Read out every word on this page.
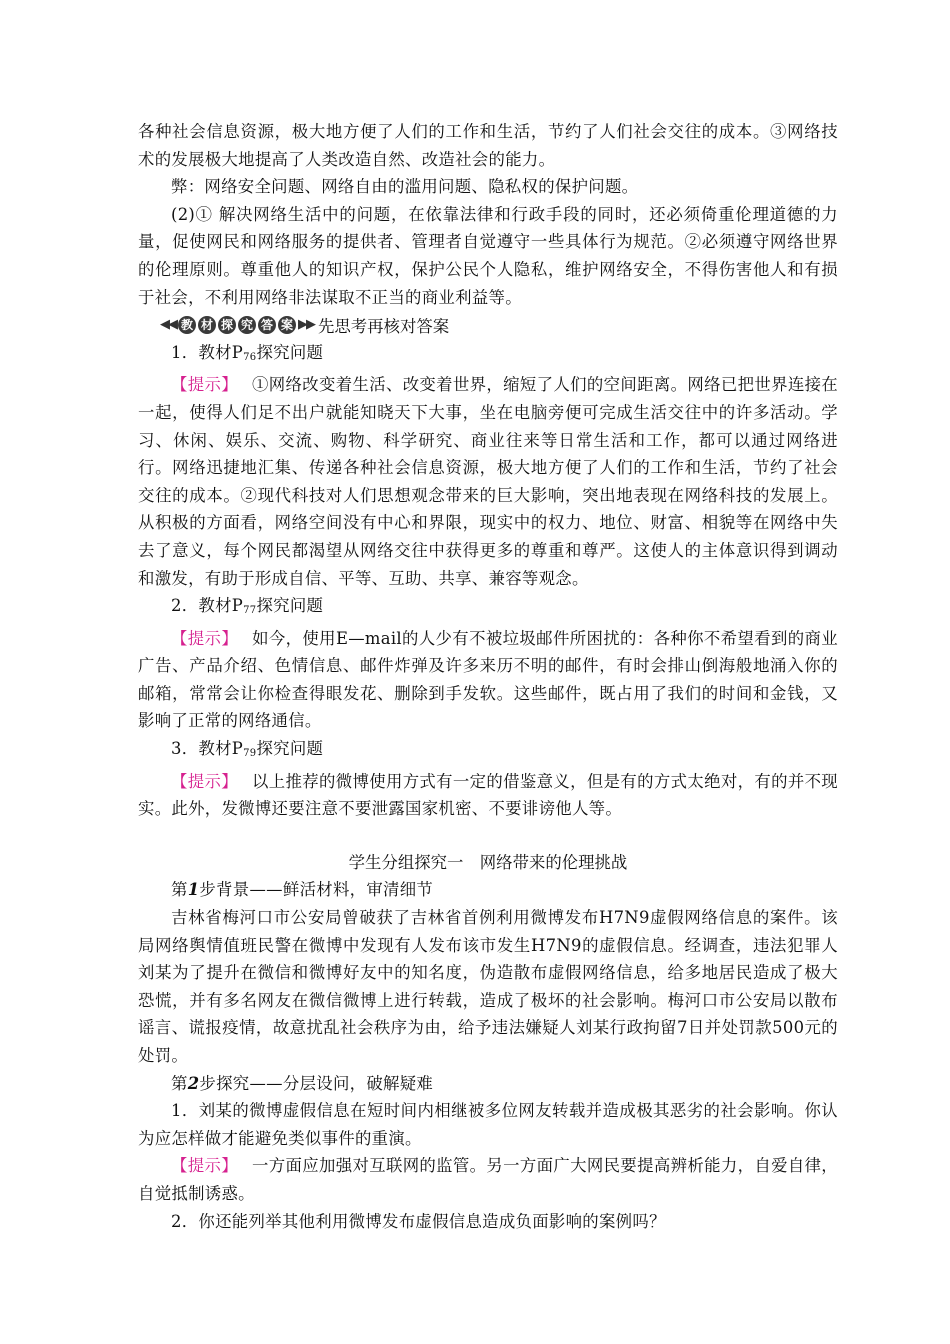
各种社会信息资源，极大地方便了人们的工作和生活，节约了人们社会交往的成本。③网络技术的发展极大地提高了人类改造自然、改造社会的能力。

弊：网络安全问题、网络自由的滥用问题、隐私权的保护问题。

(2)① 解决网络生活中的问题，在依靠法律和行政手段的同时，还必须倚重伦理道德的力量，促使网民和网络服务的提供者、管理者自觉遵守一些具体行为规范。②必须遵守网络世界的伦理原则。尊重他人的知识产权，保护公民个人隐私，维护网络安全，不得伤害他人和有损于社会，不利用网络非法谋取不正当的商业利益等。

◀◀ 教 材 探 究 答 案 ▶▶ 先思考再核对答案

1．教材$P_{76}$探究问题

【提示】 ①网络改变着生活、改变着世界，缩短了人们的空间距离。网络已把世界连接在一起，使得人们足不出户就能知晓天下大事，坐在电脑旁便可完成生活交往中的许多活动。学习、休闲、娱乐、交流、购物、科学研究、商业往来等日常生活和工作，都可以通过网络进行。网络迅捷地汇集、传递各种社会信息资源，极大地方便了人们的工作和生活，节约了社会交往的成本。②现代科技对人们思想观念带来的巨大影响，突出地表现在网络科技的发展上。从积极的方面看，网络空间没有中心和界限，现实中的权力、地位、财富、相貌等在网络中失去了意义，每个网民都渴望从网络交往中获得更多的尊重和尊严。这使人的主体意识得到调动和激发，有助于形成自信、平等、互助、共享、兼容等观念。

2．教材$P_{77}$探究问题

【提示】 如今，使用E—mail的人少有不被垃圾邮件所困扰的：各种你不希望看到的商业广告、产品介绍、色情信息、邮件炸弹及许多来历不明的邮件，有时会排山倒海般地涌入你的邮箱，常常会让你检查得眼发花、删除到手发软。这些邮件，既占用了我们的时间和金钱，又影响了正常的网络通信。

3．教材$P_{79}$探究问题

【提示】 以上推荐的微博使用方式有一定的借鉴意义，但是有的方式太绝对，有的并不现实。此外，发微博还要注意不要泄露国家机密、不要诽谤他人等。

学生分组探究一　网络带来的伦理挑战

第1步背景——鲜活材料，审清细节

吉林省梅河口市公安局曾破获了吉林省首例利用微博发布H7N9虚假网络信息的案件。该局网络舆情值班民警在微博中发现有人发布该市发生H7N9的虚假信息。经调查，违法犯罪人刘某为了提升在微信和微博好友中的知名度，伪造散布虚假网络信息，给多地居民造成了极大恐慌，并有多名网友在微信微博上进行转载，造成了极坏的社会影响。梅河口市公安局以散布谣言、谎报疫情，故意扰乱社会秩序为由，给予违法嫌疑人刘某行政拘留7日并处罚款500元的处罚。

第2步探究——分层设问，破解疑难

1．刘某的微博虚假信息在短时间内相继被多位网友转载并造成极其恶劣的社会影响。你认为应怎样做才能避免类似事件的重演。

【提示】 一方面应加强对互联网的监管。另一方面广大网民要提高辨析能力，自爱自律，自觉抵制诱惑。

2．你还能列举其他利用微博发布虚假信息造成负面影响的案例吗？
